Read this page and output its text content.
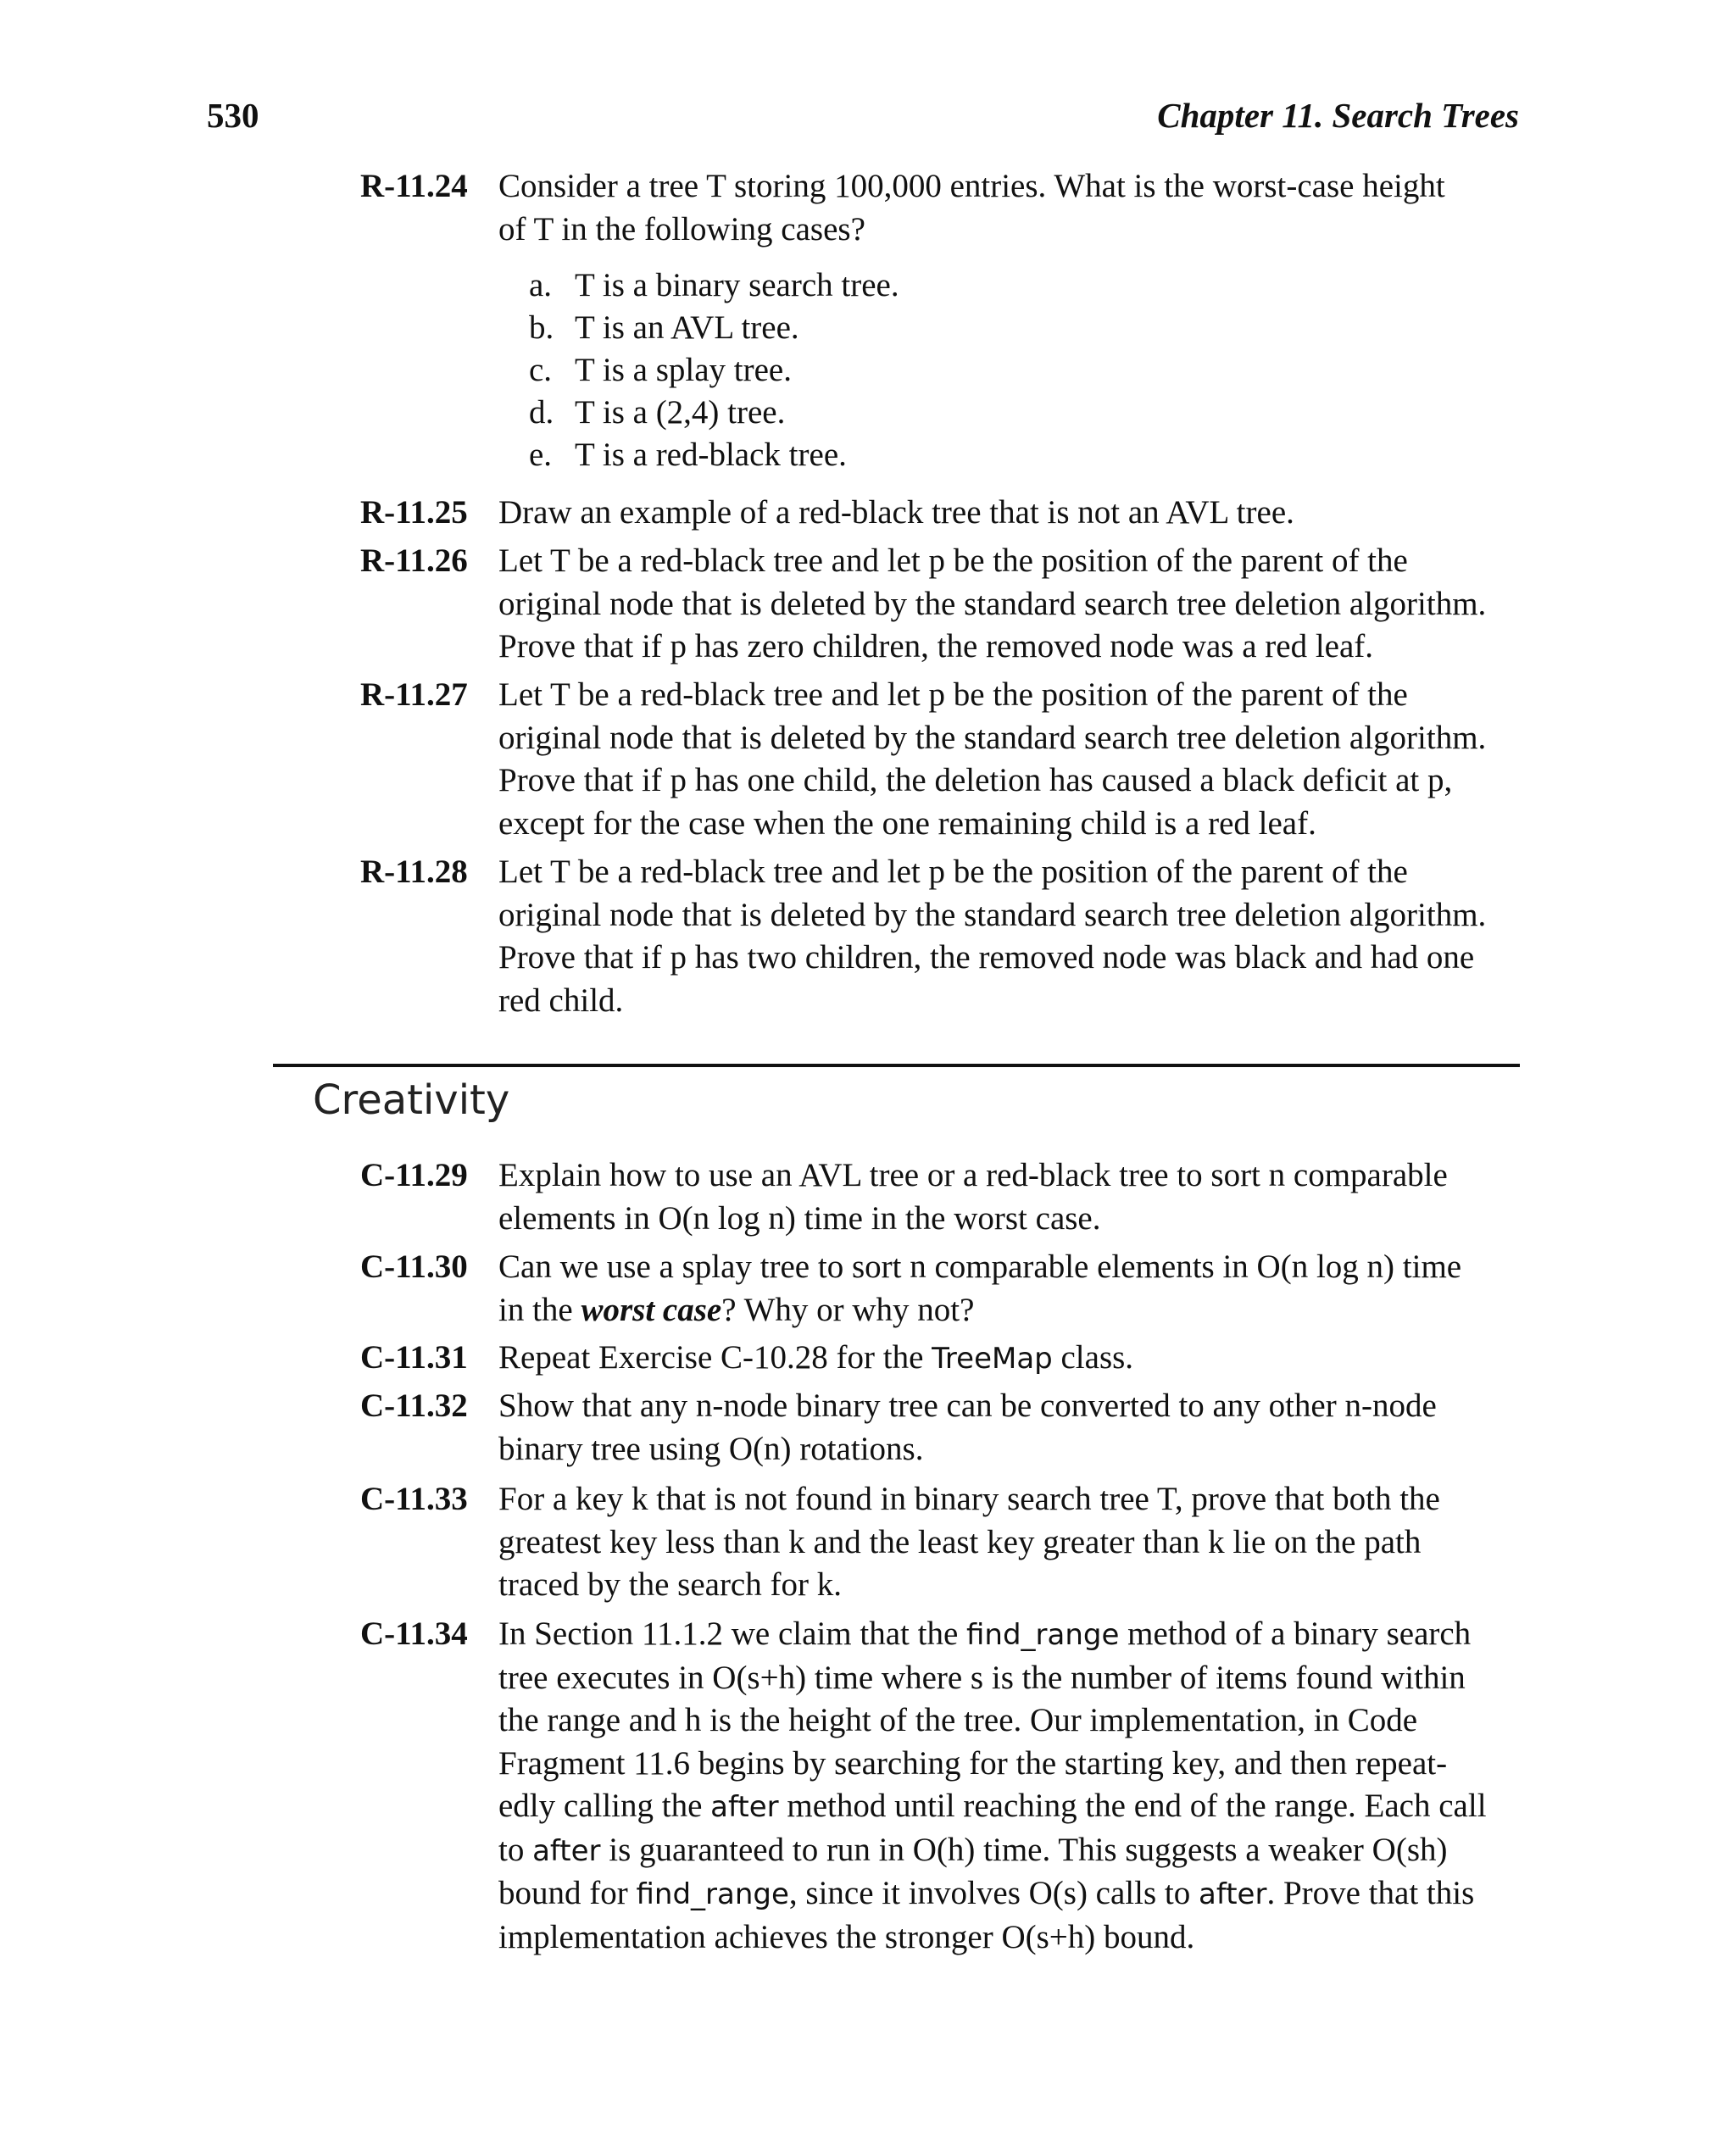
530	Chapter 11. Search Trees
R-11.24 Consider a tree T storing 100,000 entries. What is the worst-case height
of T in the following cases?
a. T is a binary search tree.
b. T is an AVL tree.
c. T is a splay tree.
d. T is a (2,4) tree.
e. T is a red-black tree.
R-11.25 Draw an example of a red-black tree that is not an AVL tree.
R-11.26 Let T be a red-black tree and let p be the position of the parent of the
original node that is deleted by the standard search tree deletion algorithm.
Prove that if p has zero children, the removed node was a red leaf.
R-11.27 Let T be a red-black tree and let p be the position of the parent of the
original node that is deleted by the standard search tree deletion algorithm.
Prove that if p has one child, the deletion has caused a black deficit at p,
except for the case when the one remaining child is a red leaf.
R-11.28 Let T be a red-black tree and let p be the position of the parent of the
original node that is deleted by the standard search tree deletion algorithm.
Prove that if p has two children, the removed node was black and had one
red child.
Creativity
C-11.29 Explain how to use an AVL tree or a red-black tree to sort n comparable
elements in O(n log n) time in the worst case.
C-11.30 Can we use a splay tree to sort n comparable elements in O(n log n) time
in the worst case? Why or why not?
C-11.31 Repeat Exercise C-10.28 for the TreeMap class.
C-11.32 Show that any n-node binary tree can be converted to any other n-node
binary tree using O(n) rotations.
C-11.33 For a key k that is not found in binary search tree T, prove that both the
greatest key less than k and the least key greater than k lie on the path
traced by the search for k.
C-11.34 In Section 11.1.2 we claim that the find_range method of a binary search
tree executes in O(s+h) time where s is the number of items found within
the range and h is the height of the tree. Our implementation, in Code
Fragment 11.6 begins by searching for the starting key, and then repeat-
edly calling the after method until reaching the end of the range. Each call
to after is guaranteed to run in O(h) time. This suggests a weaker O(sh)
bound for find_range, since it involves O(s) calls to after. Prove that this
implementation achieves the stronger O(s+h) bound.
